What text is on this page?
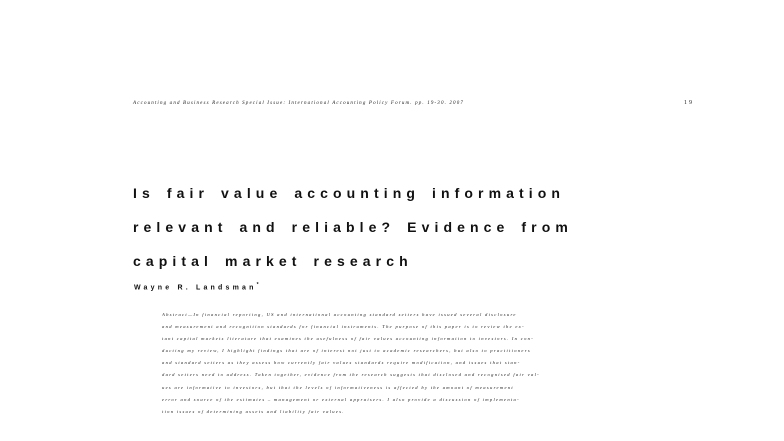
Accounting and Business Research Special Issue: International Accounting Policy Forum. pp. 19-30. 2007	19
Is fair value accounting information
relevant and reliable? Evidence from
capital market research
Wayne R. Landsman*
Abstract—In financial reporting, US and international accounting standard setters have issued several disclosure
and measurement and recognition standards for financial instruments. The purpose of this paper is to review the ex-
tant capital markets literature that examines the usefulness of fair values accounting information to investors. In con-
ducting my review, I highlight findings that are of interest not just to academic researchers, but also to practitioners
and standard setters as they assess how currently fair values standards require modification, and issues that stan-
dard setters need to address. Taken together, evidence from the research suggests that disclosed and recognised fair val-
ues are informative to investors, but that the levels of informativeness is affected by the amount of measurement
error and source of the estimates – management or external appraisers. I also provide a discussion of implementa-
tion issues of determining assets and liability fair values.
